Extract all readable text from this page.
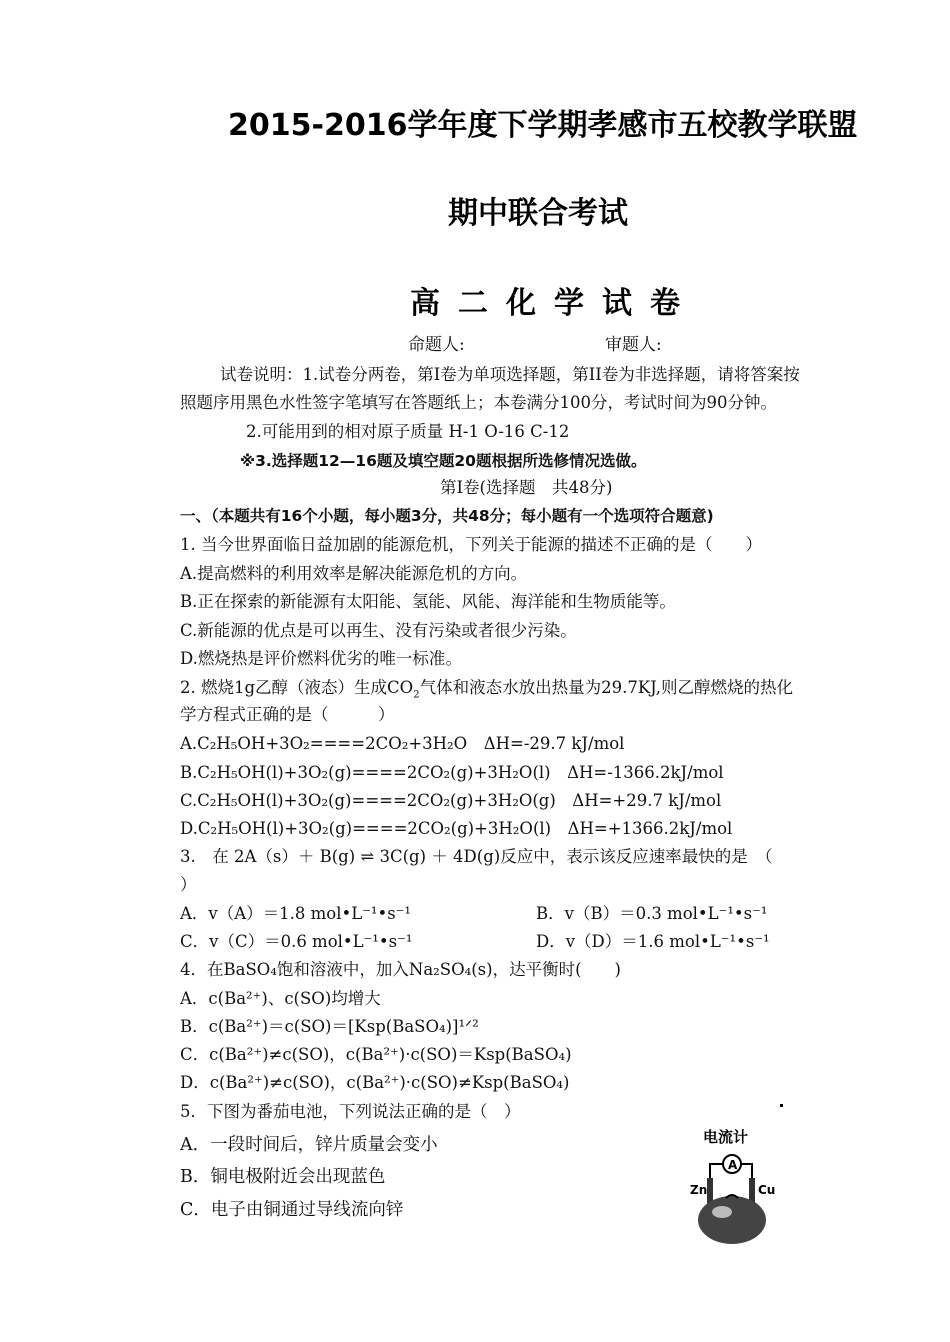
2015-2016学年度下学期孝感市五校教学联盟
期中联合考试
高二化学试卷
命题人:	审题人:
试卷说明：1.试卷分两卷，第I卷为单项选择题，第II卷为非选择题，请将答案按
照题序用黑色水性签字笔填写在答题纸上；本卷满分100分，考试时间为90分钟。
2.可能用到的相对原子质量 H-1 O-16 C-12
※3.选择题12—16题及填空题20题根据所选修情况选做。
第I卷(选择题　共48分)
一、（本题共有16个小题，每小题3分，共48分；每小题有一个选项符合题意)
1. 当今世界面临日益加剧的能源危机，下列关于能源的描述不正确的是（　　）
A.提高燃料的利用效率是解决能源危机的方向。
B.正在探索的新能源有太阳能、氢能、风能、海洋能和生物质能等。
C.新能源的优点是可以再生、没有污染或者很少污染。
D.燃烧热是评价燃料优劣的唯一标准。
2. 燃烧1g乙醇（液态）生成$CO_2$气体和液态水放出热量为29.7KJ,则乙醇燃烧的热化
学方程式正确的是（　　　）
A.C₂H₅OH+3O₂====2CO₂+3H₂O　ΔH=-29.7 kJ/mol
B.C₂H₅OH(l)+3O₂(g)====2CO₂(g)+3H₂O(l)　ΔH=-1366.2kJ/mol
C.C₂H₅OH(l)+3O₂(g)====2CO₂(g)+3H₂O(g)　ΔH=+29.7 kJ/mol
D.C₂H₅OH(l)+3O₂(g)====2CO₂(g)+3H₂O(l)　ΔH=+1366.2kJ/mol
3.　在 2A（s）＋ B(g) ⇌ 3C(g) ＋ 4D(g)反应中，表示该反应速率最快的是　（
）
A．v（A）＝1.8 mol•L⁻¹•s⁻¹	B．v（B）＝0.3 mol•L⁻¹•s⁻¹
C．v（C）＝0.6 mol•L⁻¹•s⁻¹	D．v（D）＝1.6 mol•L⁻¹•s⁻¹
4．在BaSO₄饱和溶液中，加入Na₂SO₄(s)，达平衡时(　　)
A．c(Ba²⁺)、c(SO)均增大
B．c(Ba²⁺)＝c(SO)＝[Ksp(BaSO₄)]¹ᐟ²
C．c(Ba²⁺)≠c(SO)，c(Ba²⁺)·c(SO)＝Ksp(BaSO₄)
D．c(Ba²⁺)≠c(SO)，c(Ba²⁺)·c(SO)≠Ksp(BaSO₄)
5．下图为番茄电池，下列说法正确的是（　）
A．一段时间后，锌片质量会变小
B．铜电极附近会出现蓝色
C．电子由铜通过导线流向锌
电流计
A
Zn	Cu
